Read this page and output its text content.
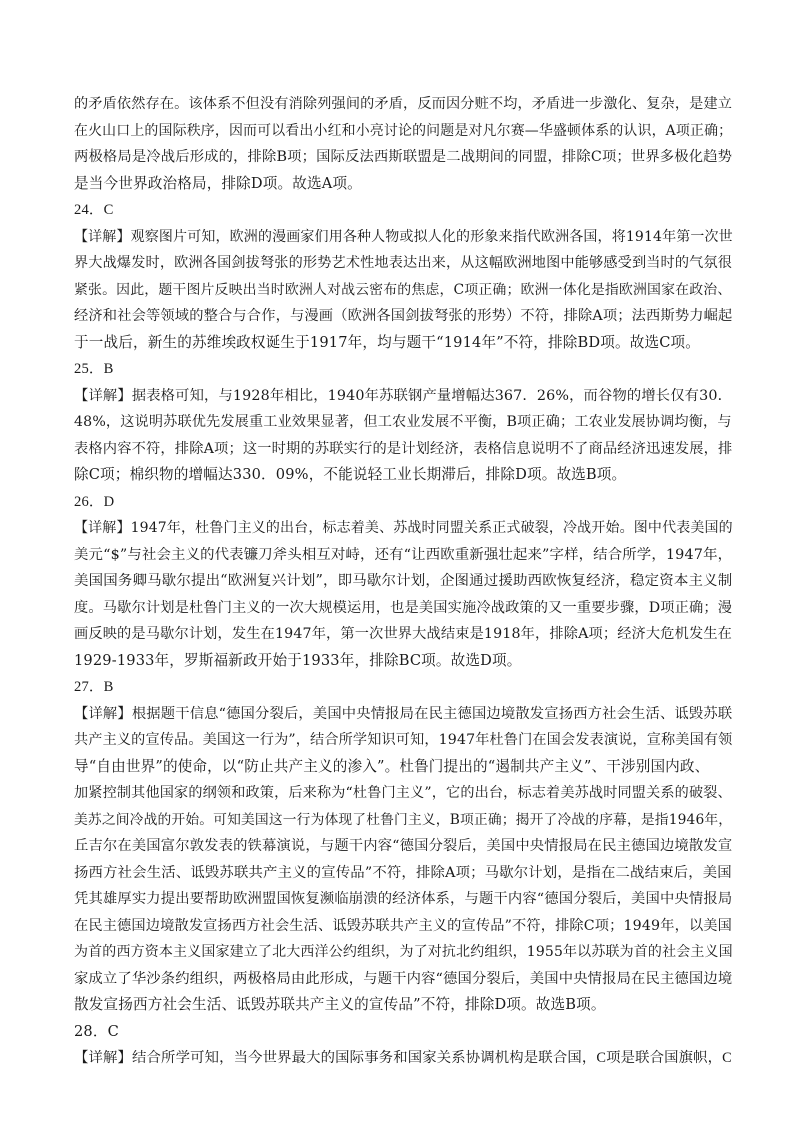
的矛盾依然存在。该体系不但没有消除列强间的矛盾，反而因分赃不均，矛盾进一步激化、复杂，是建立
在火山口上的国际秩序，因而可以看出小红和小亮讨论的问题是对凡尔赛—华盛顿体系的认识，A项正确；
两极格局是冷战后形成的，排除B项；国际反法西斯联盟是二战期间的同盟，排除C项；世界多极化趋势
是当今世界政治格局，排除D项。故选A项。
24．C
【详解】观察图片可知，欧洲的漫画家们用各种人物或拟人化的形象来指代欧洲各国，将1914年第一次世
界大战爆发时，欧洲各国剑拔弩张的形势艺术性地表达出来，从这幅欧洲地图中能够感受到当时的气氛很
紧张。因此，题干图片反映出当时欧洲人对战云密布的焦虑，C项正确；欧洲一体化是指欧洲国家在政治、
经济和社会等领域的整合与合作，与漫画（欧洲各国剑拔弩张的形势）不符，排除A项；法西斯势力崛起
于一战后，新生的苏维埃政权诞生于1917年，均与题干“1914年”不符，排除BD项。故选C项。
25．B
【详解】据表格可知，与1928年相比，1940年苏联钢产量增幅达367．26%，而谷物的增长仅有30．
48%，这说明苏联优先发展重工业效果显著，但工农业发展不平衡，B项正确；工农业发展协调均衡，与
表格内容不符，排除A项；这一时期的苏联实行的是计划经济，表格信息说明不了商品经济迅速发展，排
除C项；棉织物的增幅达330．09%，不能说轻工业长期滞后，排除D项。故选B项。
26．D
【详解】1947年，杜鲁门主义的出台，标志着美、苏战时同盟关系正式破裂，冷战开始。图中代表美国的
美元“$”与社会主义的代表镰刀斧头相互对峙，还有“让西欧重新强壮起来”字样，结合所学，1947年，
美国国务卿马歇尔提出“欧洲复兴计划”，即马歇尔计划，企图通过援助西欧恢复经济，稳定资本主义制
度。马歇尔计划是杜鲁门主义的一次大规模运用，也是美国实施冷战政策的又一重要步骤，D项正确；漫
画反映的是马歇尔计划，发生在1947年，第一次世界大战结束是1918年，排除A项；经济大危机发生在
1929-1933年，罗斯福新政开始于1933年，排除BC项。故选D项。
27．B
【详解】根据题干信息“德国分裂后，美国中央情报局在民主德国边境散发宣扬西方社会生活、诋毁苏联
共产主义的宣传品。美国这一行为”，结合所学知识可知，1947年杜鲁门在国会发表演说，宣称美国有领
导“自由世界”的使命，以“防止共产主义的渗入”。杜鲁门提出的“遏制共产主义”、干涉别国内政、
加紧控制其他国家的纲领和政策，后来称为“杜鲁门主义”，它的出台，标志着美苏战时同盟关系的破裂、
美苏之间冷战的开始。可知美国这一行为体现了杜鲁门主义，B项正确；揭开了冷战的序幕，是指1946年，
丘吉尔在美国富尔敦发表的铁幕演说，与题干内容“德国分裂后，美国中央情报局在民主德国边境散发宣
扬西方社会生活、诋毁苏联共产主义的宣传品”不符，排除A项；马歇尔计划，是指在二战结束后，美国
凭其雄厚实力提出要帮助欧洲盟国恢复濒临崩溃的经济体系，与题干内容“德国分裂后，美国中央情报局
在民主德国边境散发宣扬西方社会生活、诋毁苏联共产主义的宣传品”不符，排除C项；1949年，以美国
为首的西方资本主义国家建立了北大西洋公约组织，为了对抗北约组织，1955年以苏联为首的社会主义国
家成立了华沙条约组织，两极格局由此形成，与题干内容“德国分裂后，美国中央情报局在民主德国边境
散发宣扬西方社会生活、诋毁苏联共产主义的宣传品”不符，排除D项。故选B项。
28．C
【详解】结合所学可知，当今世界最大的国际事务和国家关系协调机构是联合国，C项是联合国旗帜，C
